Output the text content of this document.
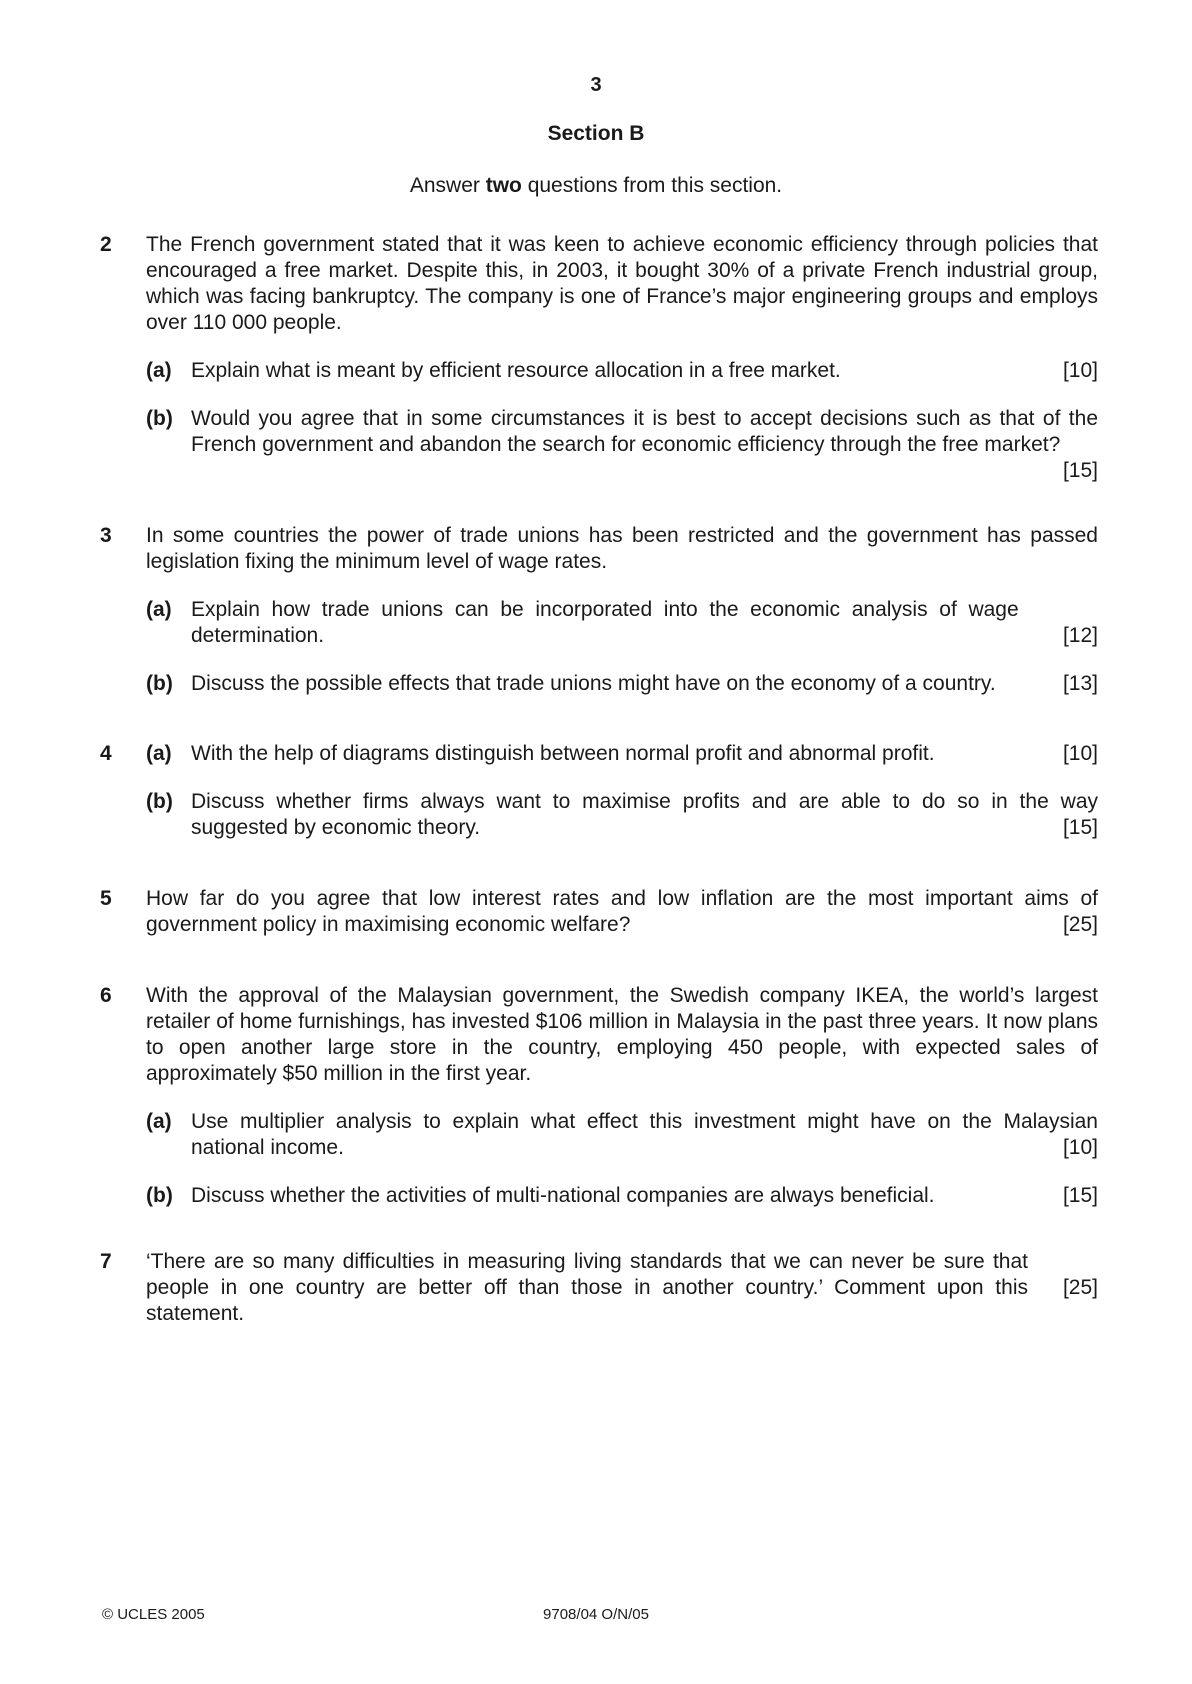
3
Section B
Answer two questions from this section.
2 The French government stated that it was keen to achieve economic efficiency through policies that encouraged a free market. Despite this, in 2003, it bought 30% of a private French industrial group, which was facing bankruptcy. The company is one of France’s major engineering groups and employs over 110 000 people.
(a)	[10]
Explain what is meant by efficient resource allocation in a free market.
(b) Would you agree that in some circumstances it is best to accept decisions such as that of the French government and abandon the search for economic efficiency through the free market?
[15]
3 In some countries the power of trade unions has been restricted and the government has passed legislation fixing the minimum level of wage rates.
(a) Explain  how  trade  unions  can  be  incorporated  into  the  economic  analysis  of  wage
determination.	[12]
(b)	[13]
Discuss the possible effects that trade unions might have on the economy of a country.
4 (a)	[10]
With the help of diagrams distinguish between normal profit and abnormal profit.
(b) Discuss whether firms always want to maximise profits and are able to do so in the way suggested by economic theory.	[15]
5 How far do you agree that low interest rates and low inflation are the most important aims of government policy in maximising economic welfare?	[25]
6 With the approval of the Malaysian government, the Swedish company IKEA, the world’s largest retailer of home furnishings, has invested $106 million in Malaysia in the past three years. It now plans to open another large store in the country, employing 450 people, with expected sales of approximately $50 million in the first year.
(a) Use multiplier analysis to explain what effect this investment might have on the Malaysian national income.	[10]
(b)	[15]
Discuss whether the activities of multi-national companies are always beneficial.
7 ‘There are so many difficulties in measuring living standards that we can never be sure that people in one country are better off than those in another country.’ Comment upon this statement.
[25]
© UCLES 2005	9708/04 O/N/05
